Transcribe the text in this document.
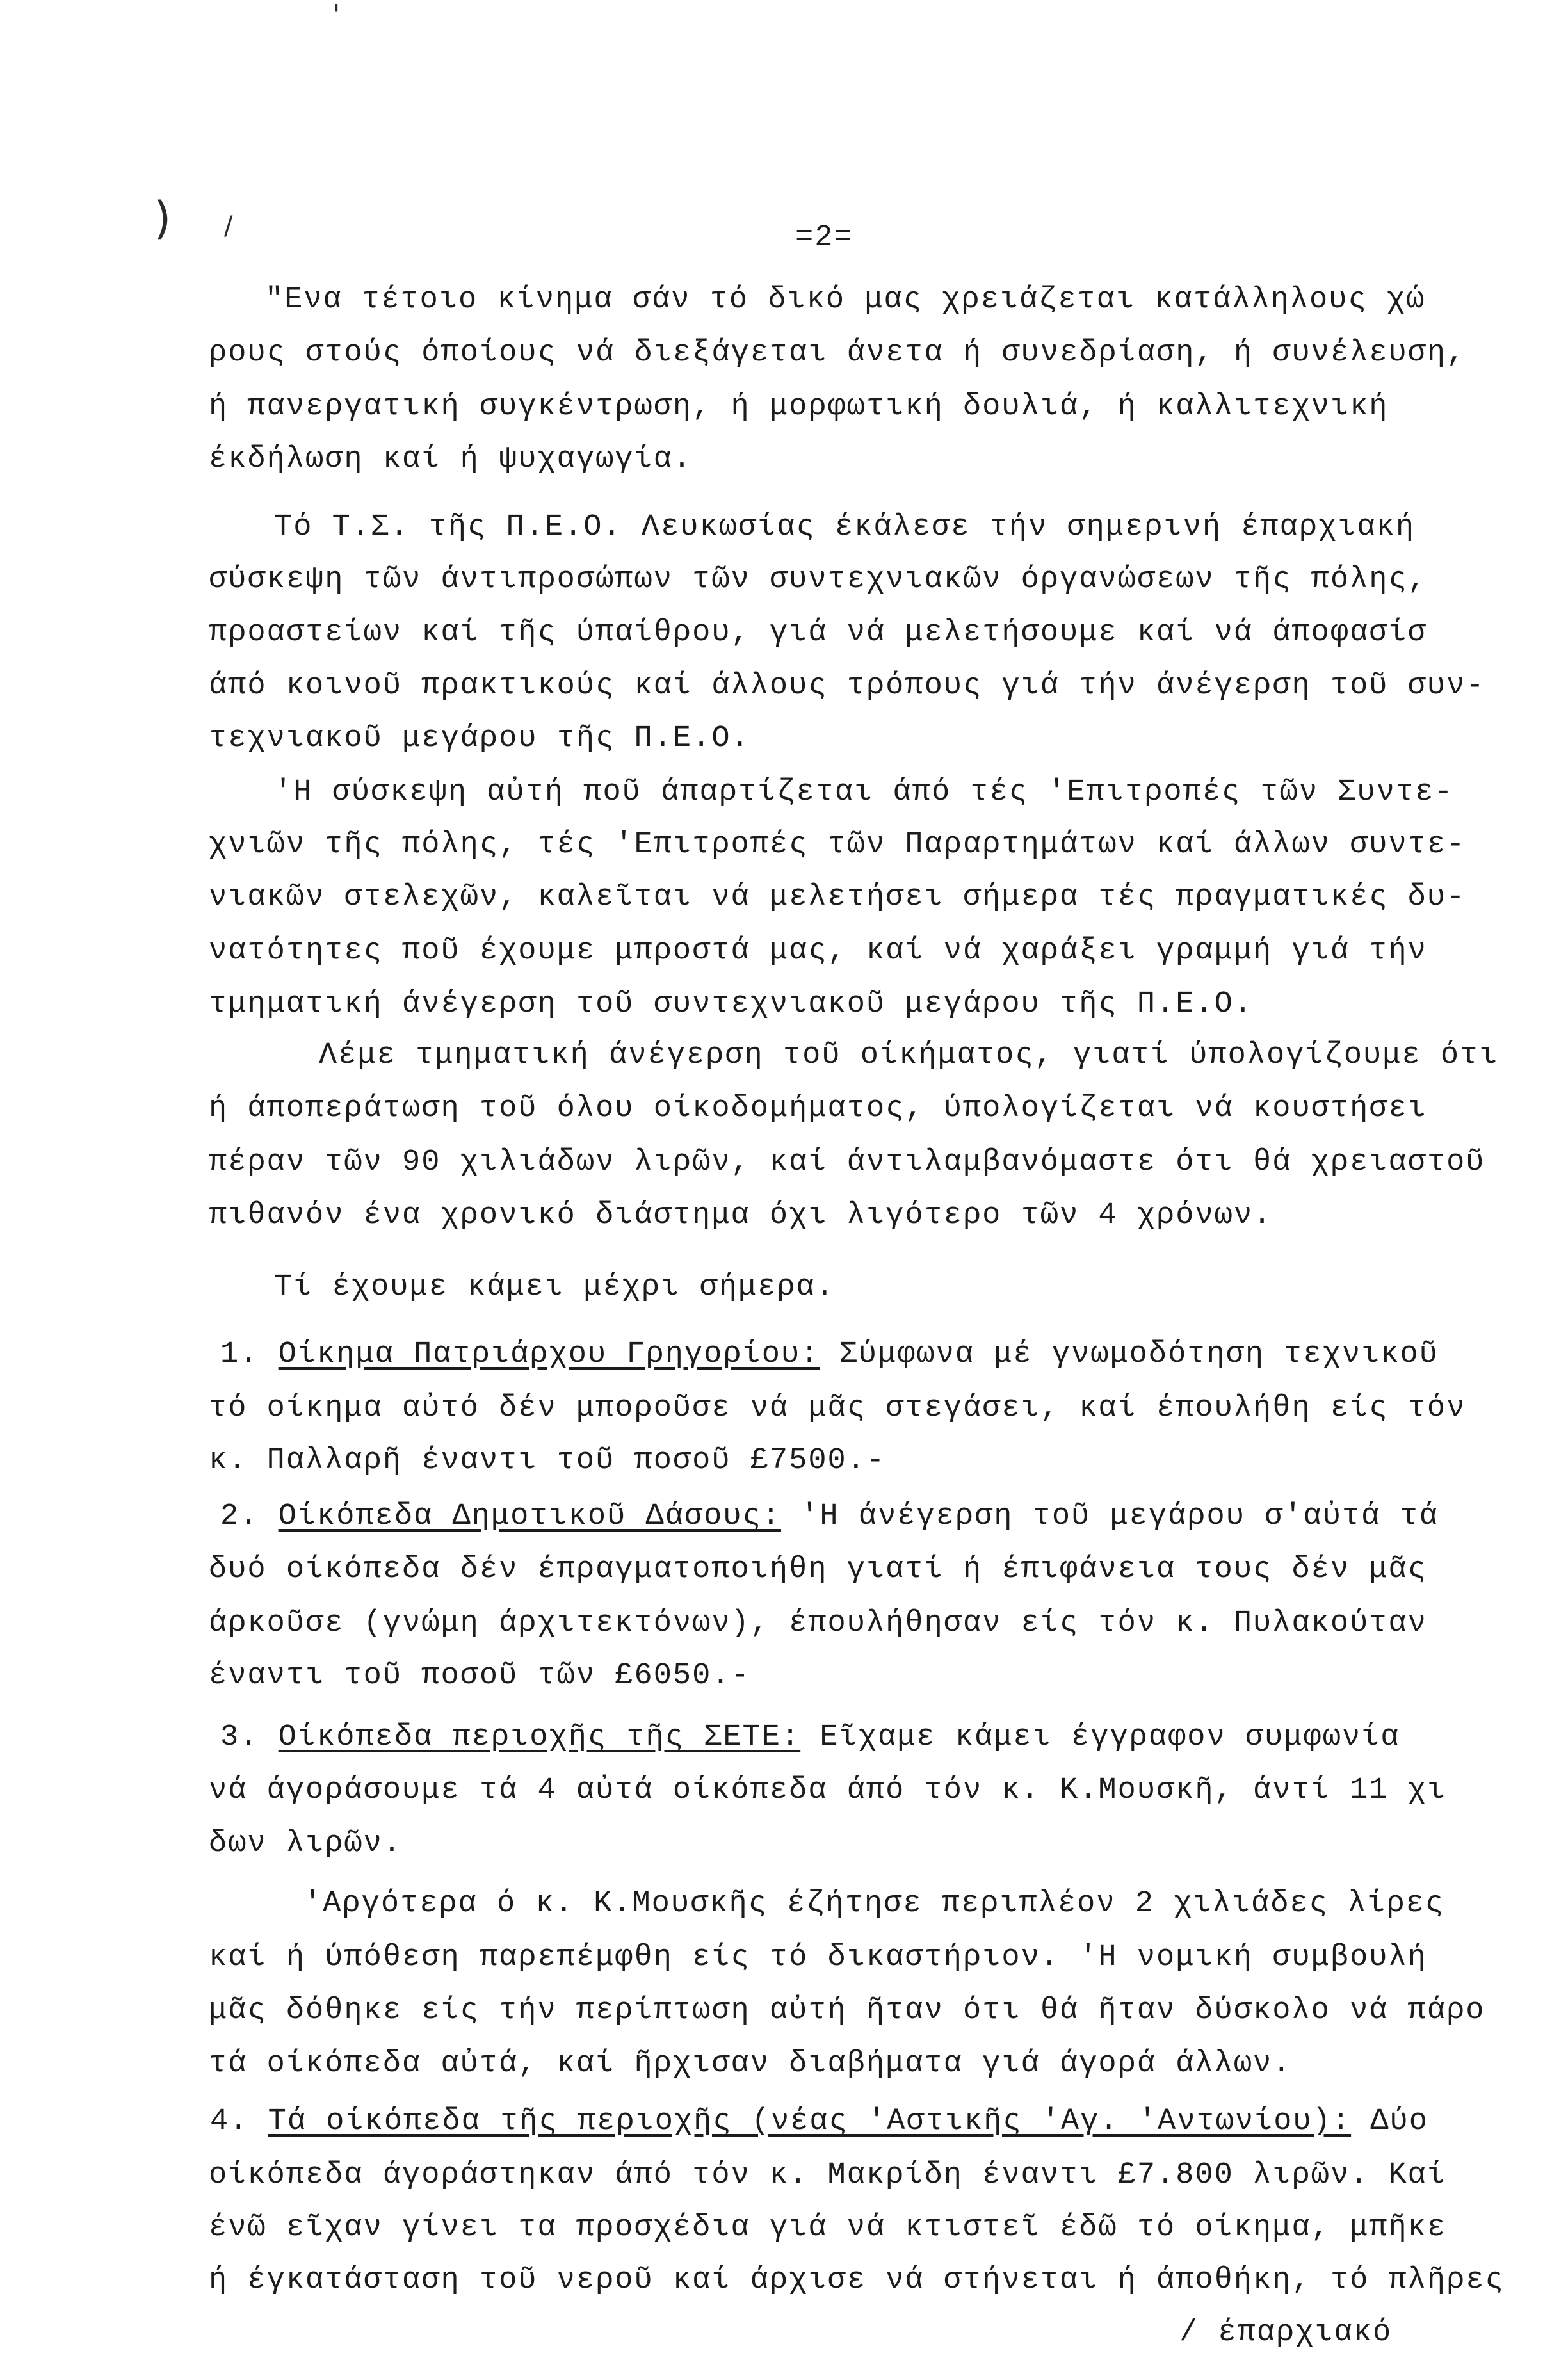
)
'
/	=2=
"Ενα τέτοιο κίνημα σάν τό δικό μας χρειάζεται κατάλληλους χώ
ρους στούς όποίους νά διεξάγεται άνετα ή συνεδρίαση, ή συνέλευση,
ή πανεργατική συγκέντρωση, ή μορφωτική δουλιά, ή καλλιτεχνική
έκδήλωση καί ή ψυχαγωγία.
Τό Τ.Σ. τῆς Π.Ε.Ο. Λευκωσίας έκάλεσε τήν σημερινή έπαρχιακή
σύσκεψη τῶν άντιπροσώπων τῶν συντεχνιακῶν όργανώσεων τῆς πόλης,
προαστείων καί τῆς ύπαίθρου, γιά νά μελετήσουμε καί νά άποφασίσ
άπό κοινοῦ πρακτικούς καί άλλους τρόπους γιά τήν άνέγερση τοῦ συν-
τεχνιακοῦ μεγάρου τῆς Π.Ε.Ο.
'Η σύσκεψη αὐτή ποῦ άπαρτίζεται άπό τές 'Επιτροπές τῶν Συντε-
χνιῶν τῆς πόλης, τές 'Επιτροπές τῶν Παραρτημάτων καί άλλων συντε-
νιακῶν στελεχῶν, καλεῖται νά μελετήσει σήμερα τές πραγματικές δυ-
νατότητες ποῦ έχουμε μπροστά μας, καί νά χαράξει γραμμή γιά τήν
τμηματική άνέγερση τοῦ συντεχνιακοῦ μεγάρου τῆς Π.Ε.Ο.
Λέμε τμηματική άνέγερση τοῦ οίκήματος, γιατί ύπολογίζουμε ότι
ή άποπεράτωση τοῦ όλου οίκοδομήματος, ύπολογίζεται νά κουστήσει
πέραν τῶν 90 χιλιάδων λιρῶν, καί άντιλαμβανόμαστε ότι θά χρειαστοῦ
πιθανόν ένα χρονικό διάστημα όχι λιγότερο τῶν 4 χρόνων.
Τί έχουμε κάμει μέχρι σήμερα.
1. Οίκημα Πατριάρχου Γρηγορίου: Σύμφωνα μέ γνωμοδότηση τεχνικοῦ
τό οίκημα αὐτό δέν μποροῦσε νά μᾶς στεγάσει, καί έπουλήθη είς τόν
κ. Παλλαρῆ έναντι τοῦ ποσοῦ £7500.-
2. Οίκόπεδα Δημοτικοῦ Δάσους: 'Η άνέγερση τοῦ μεγάρου σ'αὐτά τά
δυό οίκόπεδα δέν έπραγματοποιήθη γιατί ή έπιφάνεια τους δέν μᾶς
άρκοῦσε (γνώμη άρχιτεκτόνων), έπουλήθησαν είς τόν κ. Πυλακούταν
έναντι τοῦ ποσοῦ τῶν £6050.-
3. Οίκόπεδα περιοχῆς τῆς ΣΕΤΕ: Εῖχαμε κάμει έγγραφον συμφωνία
νά άγοράσουμε τά 4 αὐτά οίκόπεδα άπό τόν κ. Κ.Μουσκῆ, άντί 11 χι
δων λιρῶν.
'Αργότερα ό κ. Κ.Μουσκῆς έζήτησε περιπλέον 2 χιλιάδες λίρες
καί ή ύπόθεση παρεπέμφθη είς τό δικαστήριον. 'Η νομική συμβουλή
μᾶς δόθηκε είς τήν περίπτωση αὐτή ῆταν ότι θά ῆταν δύσκολο νά πάρο
τά οίκόπεδα αὐτά, καί ῆρχισαν διαβήματα γιά άγορά άλλων.
4. Τά οίκόπεδα τῆς περιοχῆς (νέας 'Αστικῆς 'Αγ. 'Αντωνίου): Δύο
οίκόπεδα άγοράστηκαν άπό τόν κ. Μακρίδη έναντι £7.800 λιρῶν. Καί
ένῶ εῖχαν γίνει τα προσχέδια γιά νά κτιστεῖ έδῶ τό οίκημα, μπῆκε
ή έγκατάσταση τοῦ νεροῦ καί άρχισε νά στήνεται ή άποθήκη, τό πλῆρες
/ έπαρχιακό
